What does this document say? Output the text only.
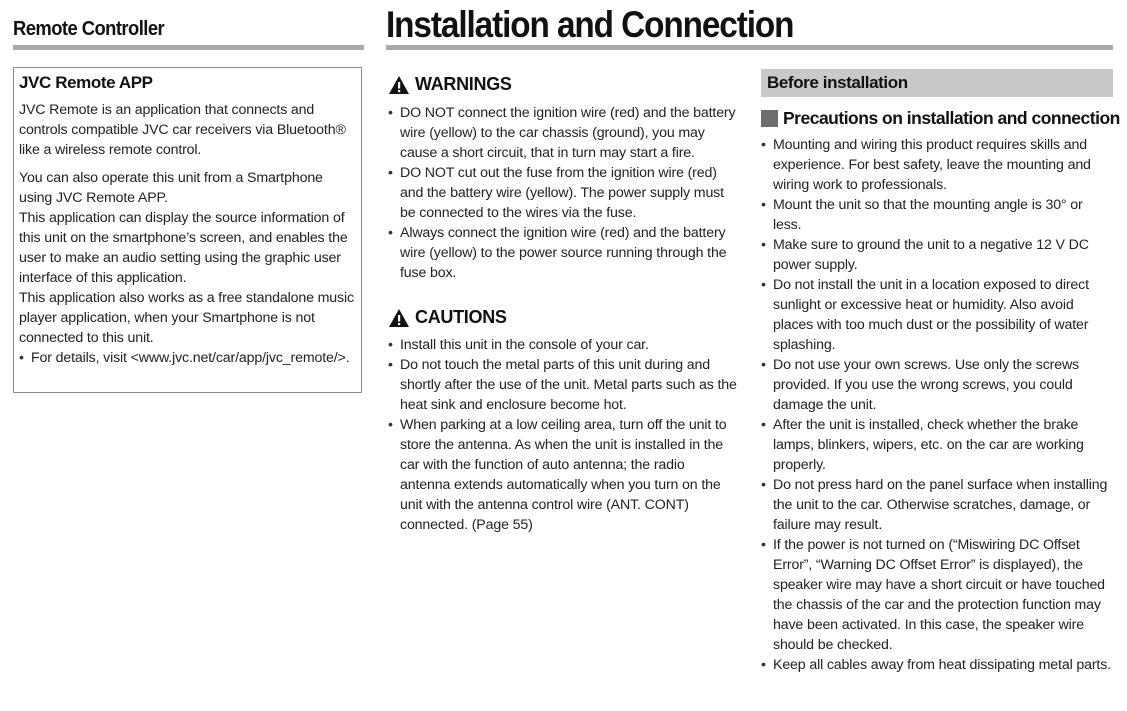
Remote Controller
JVC Remote APP

JVC Remote is an application that connects and controls compatible JVC car receivers via Bluetooth® like a wireless remote control.

You can also operate this unit from a Smartphone using JVC Remote APP.

This application can display the source information of this unit on the smartphone’s screen, and enables the user to make an audio setting using the graphic user interface of this application.

This application also works as a free standalone music player application, when your Smartphone is not connected to this unit.

• For details, visit <www.jvc.net/car/app/jvc_remote/>.
Installation and Connection
WARNINGS
• DO NOT connect the ignition wire (red) and the battery wire (yellow) to the car chassis (ground), you may cause a short circuit, that in turn may start a fire.
• DO NOT cut out the fuse from the ignition wire (red) and the battery wire (yellow). The power supply must be connected to the wires via the fuse.
• Always connect the ignition wire (red) and the battery wire (yellow) to the power source running through the fuse box.
CAUTIONS
• Install this unit in the console of your car.
• Do not touch the metal parts of this unit during and shortly after the use of the unit. Metal parts such as the heat sink and enclosure become hot.
• When parking at a low ceiling area, turn off the unit to store the antenna. As when the unit is installed in the car with the function of auto antenna; the radio antenna extends automatically when you turn on the unit with the antenna control wire (ANT. CONT) connected. (Page 55)
Before installation
Precautions on installation and connection
• Mounting and wiring this product requires skills and experience. For best safety, leave the mounting and wiring work to professionals.
• Mount the unit so that the mounting angle is 30° or less.
• Make sure to ground the unit to a negative 12 V DC power supply.
• Do not install the unit in a location exposed to direct sunlight or excessive heat or humidity. Also avoid places with too much dust or the possibility of water splashing.
• Do not use your own screws. Use only the screws provided. If you use the wrong screws, you could damage the unit.
• After the unit is installed, check whether the brake lamps, blinkers, wipers, etc. on the car are working properly.
• Do not press hard on the panel surface when installing the unit to the car. Otherwise scratches, damage, or failure may result.
• If the power is not turned on (“Miswiring DC Offset Error”, “Warning DC Offset Error” is displayed), the speaker wire may have a short circuit or have touched the chassis of the car and the protection function may have been activated. In this case, the speaker wire should be checked.
• Keep all cables away from heat dissipating metal parts.
